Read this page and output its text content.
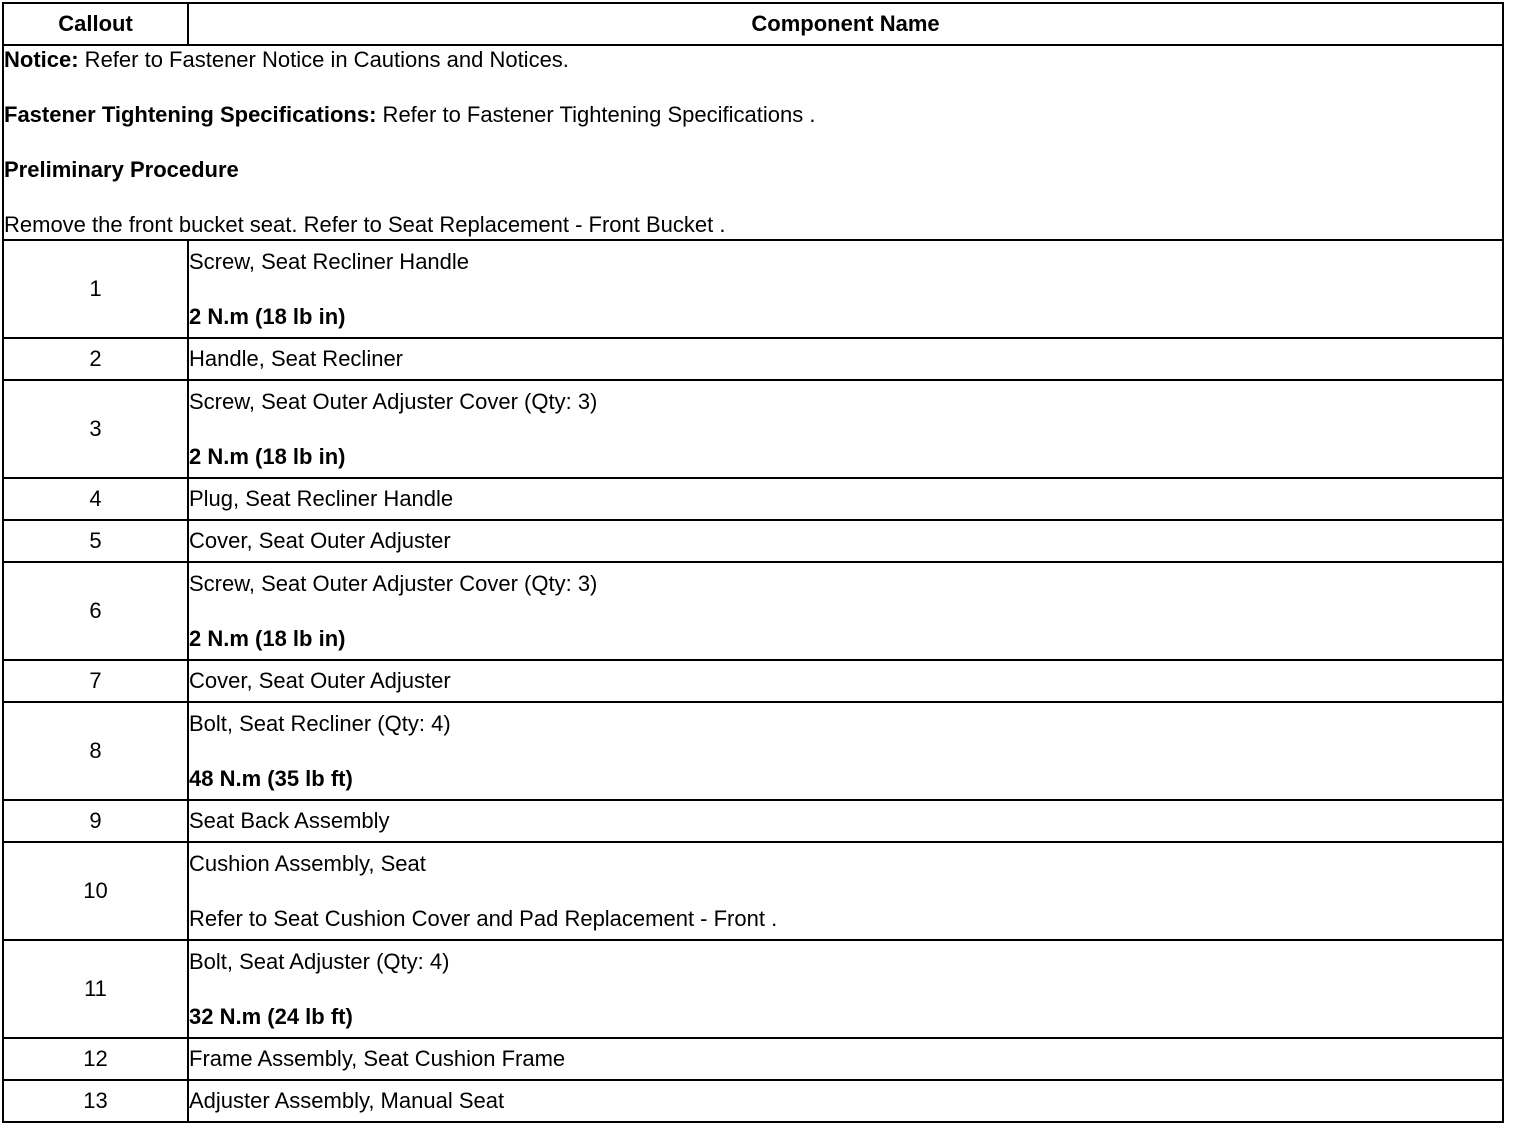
Callout	Component Name

Notice: Refer to Fastener Notice in Cautions and Notices.

Fastener Tightening Specifications: Refer to Fastener Tightening Specifications .

Preliminary Procedure

Remove the front bucket seat. Refer to Seat Replacement - Front Bucket .	

1	Screw, Seat Recliner Handle
2 N.m (18 lb in)

2	Handle, Seat Recliner

3	Screw, Seat Outer Adjuster Cover (Qty: 3)
2 N.m (18 lb in)

4	Plug, Seat Recliner Handle

5	Cover, Seat Outer Adjuster

6	Screw, Seat Outer Adjuster Cover (Qty: 3)
2 N.m (18 lb in)

7	Cover, Seat Outer Adjuster

8	Bolt, Seat Recliner (Qty: 4)
48 N.m (35 lb ft)

9	Seat Back Assembly

10	Cushion Assembly, Seat
Refer to Seat Cushion Cover and Pad Replacement - Front .

11	Bolt, Seat Adjuster (Qty: 4)
32 N.m (24 lb ft)

12	Frame Assembly, Seat Cushion Frame

13	Adjuster Assembly, Manual Seat
